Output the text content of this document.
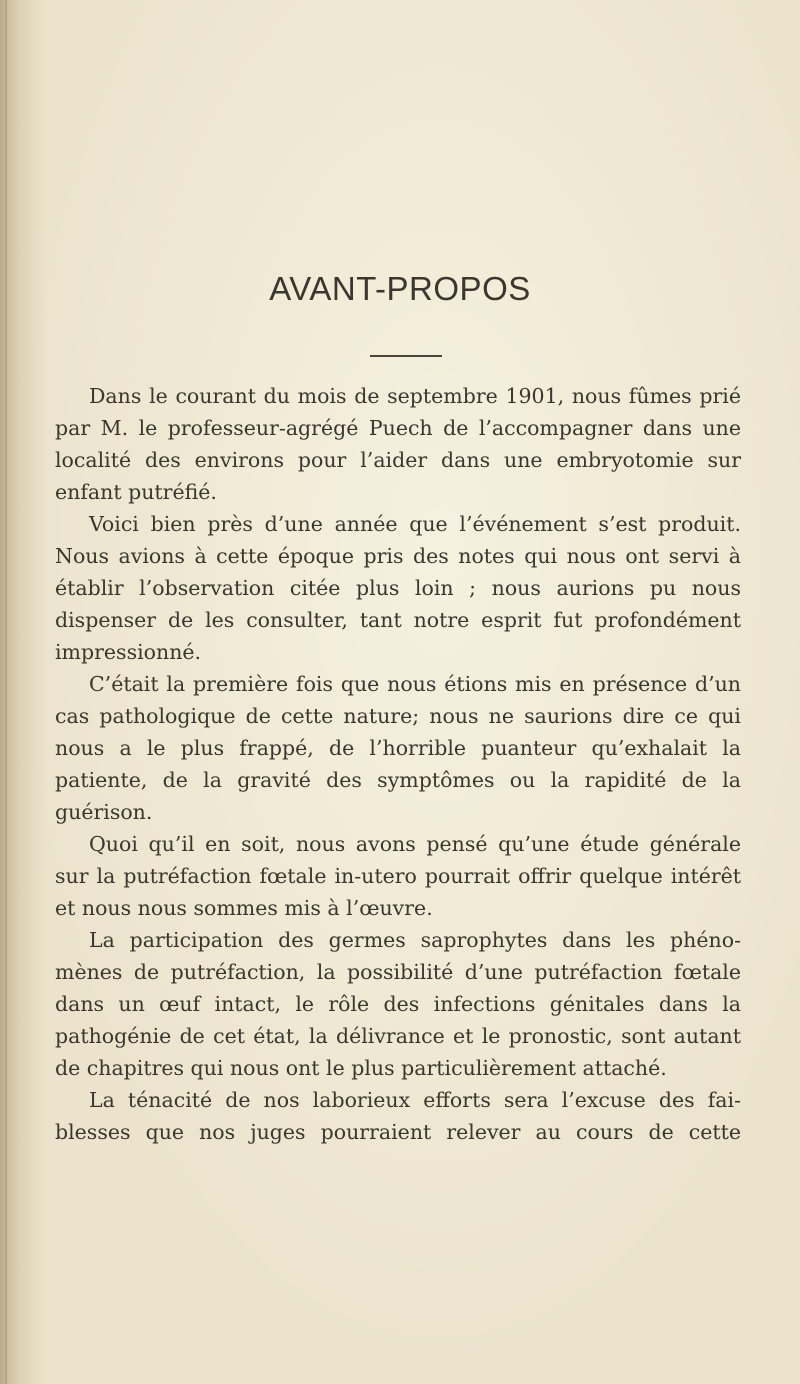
AVANT-PROPOS

Dans le courant du mois de septembre 1901, nous fûmes prié par M. le professeur-agrégé Puech de l’accompagner dans une localité des environs pour l’aider dans une embryotomie sur enfant putréfié.

Voici bien près d’une année que l’événement s’est produit. Nous avions à cette époque pris des notes qui nous ont servi à établir l’observation citée plus loin ; nous aurions pu nous dispenser de les consulter, tant notre esprit fut profondément impressionné.

C’était la première fois que nous étions mis en présence d’un cas pathologique de cette nature; nous ne saurions dire ce qui nous a le plus frappé, de l’horrible puanteur qu’exhalait la patiente, de la gravité des symptômes ou la rapidité de la guérison.

Quoi qu’il en soit, nous avons pensé qu’une étude générale sur la putréfaction fœtale in-utero pourrait offrir quelque intérêt et nous nous sommes mis à l’œuvre.

La participation des germes saprophytes dans les phénomènes de putréfaction, la possibilité d’une putréfaction fœtale dans un œuf intact, le rôle des infections génitales dans la pathogénie de cet état, la délivrance et le pronostic, sont autant de chapitres qui nous ont le plus particulièrement attaché.

La ténacité de nos laborieux efforts sera l’excuse des faiblesses que nos juges pourraient relever au cours de cette
